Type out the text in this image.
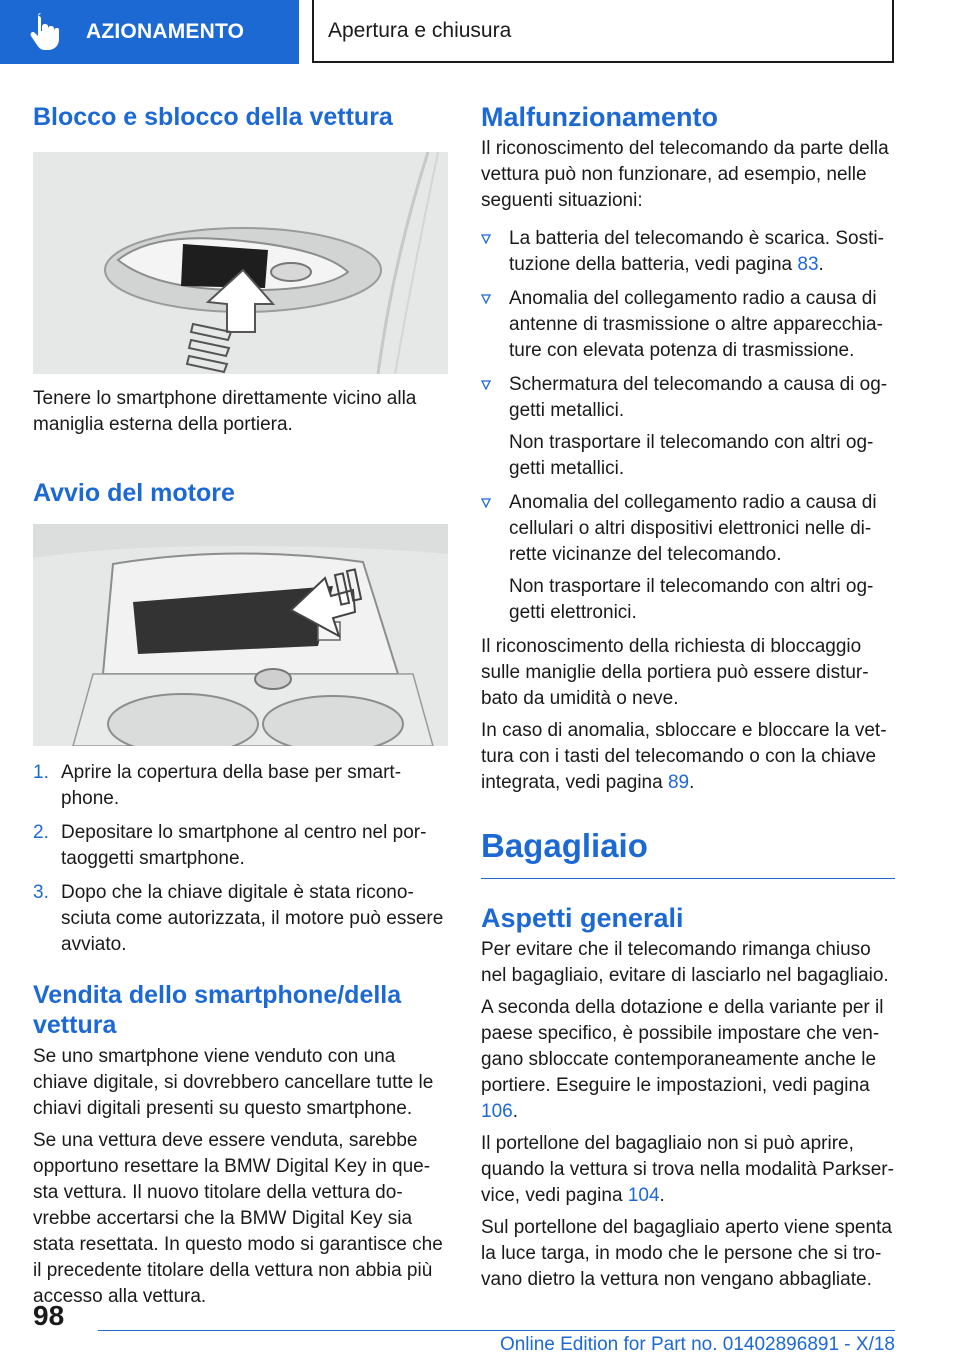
AZIONAMENTO	Apertura e chiusura
Blocco e sblocco della vettura

Tenere lo smartphone direttamente vicino alla maniglia esterna della portiera.

Avvio del motore
1. Aprire la copertura della base per smartphone.
2. Depositare lo smartphone al centro nel portaoggetti smartphone.
3. Dopo che la chiave digitale è stata riconosciuta come autorizzata, il motore può essere avviato.
Vendita dello smartphone/della vettura

Se uno smartphone viene venduto con una chiave digitale, si dovrebbero cancellare tutte le chiavi digitali presenti su questo smartphone.

Se una vettura deve essere venduta, sarebbe opportuno resettare la BMW Digital Key in questa vettura. Il nuovo titolare della vettura dovrebbe accertarsi che la BMW Digital Key sia stata resettata. In questo modo si garantisce che il precedente titolare della vettura non abbia più accesso alla vettura.

Malfunzionamento

Il riconoscimento del telecomando da parte della vettura può non funzionare, ad esempio, nelle seguenti situazioni:

La batteria del telecomando è scarica. Sostituzione della batteria, vedi pagina 83.

Anomalia del collegamento radio a causa di antenne di trasmissione o altre apparecchiature con elevata potenza di trasmissione.

Schermatura del telecomando a causa di oggetti metallici.

Non trasportare il telecomando con altri oggetti metallici.

Anomalia del collegamento radio a causa di cellulari o altri dispositivi elettronici nelle dirette vicinanze del telecomando.

Non trasportare il telecomando con altri oggetti elettronici.

Il riconoscimento della richiesta di bloccaggio sulle maniglie della portiera può essere disturbato da umidità o neve.

In caso di anomalia, sbloccare e bloccare la vettura con i tasti del telecomando o con la chiave integrata, vedi pagina 89.

Bagagliaio
Aspetti generali

Per evitare che il telecomando rimanga chiuso nel bagagliaio, evitare di lasciarlo nel bagagliaio.

A seconda della dotazione e della variante per il paese specifico, è possibile impostare che vengano sbloccate contemporaneamente anche le portiere. Eseguire le impostazioni, vedi pagina 106.

Il portellone del bagagliaio non si può aprire, quando la vettura si trova nella modalità Parkservice, vedi pagina 104.

Sul portellone del bagagliaio aperto viene spenta la luce targa, in modo che le persone che si trovano dietro la vettura non vengano abbagliate.

98
Online Edition for Part no. 01402896891 - X/18
